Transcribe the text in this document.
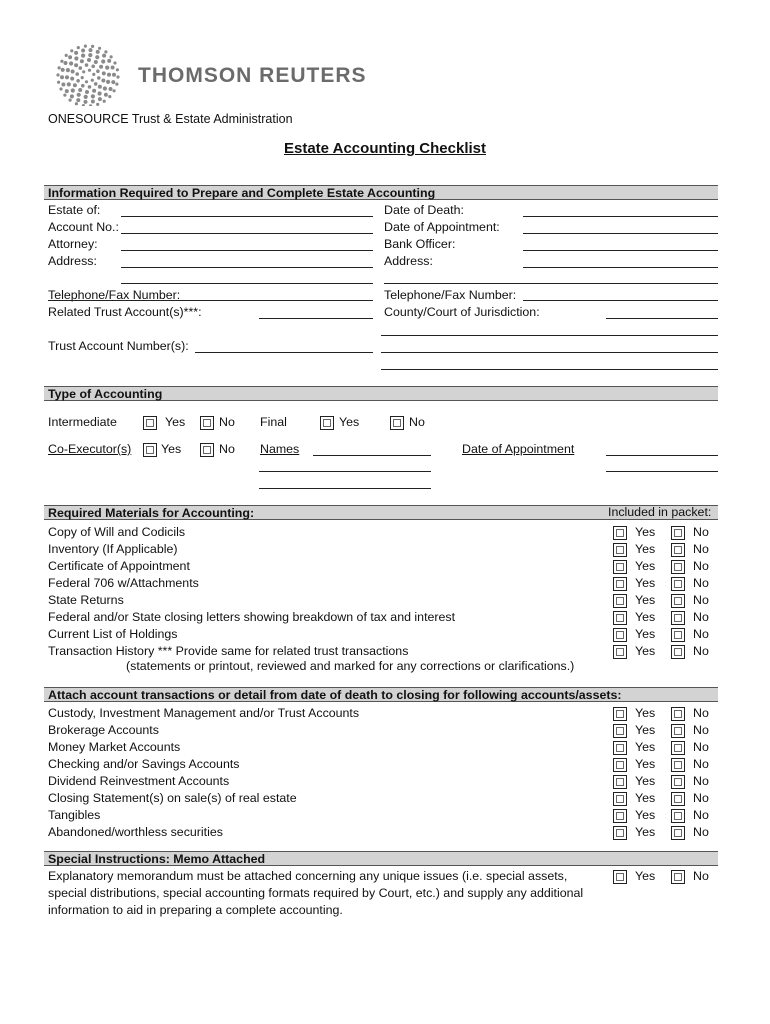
THOMSON REUTERS
ONESOURCE Trust & Estate Administration
Estate Accounting Checklist
Information Required to Prepare and Complete Estate Accounting
Estate of:
Account No.:
Attorney:
Address:
Date of Death:
Date of Appointment:
Bank Officer:
Address:
Telephone/Fax Number:
Related Trust Account(s)***:
Telephone/Fax Number:
County/Court of Jurisdiction:
Trust Account Number(s):
Type of Accounting
Intermediate	Yes	No Final	Yes	No
Co-Executor(s) Yes	No Names	Date of Appointment
Required Materials for Accounting:	Included in packet:
Copy of Will and Codicils	Yes	No
Inventory (If Applicable)	Yes	No
Certificate of Appointment	Yes	No
Federal 706 w/Attachments	Yes	No
State Returns	Yes	No
Federal and/or State closing letters showing breakdown of tax and interest	Yes	No
Current List of Holdings	Yes	No
Transaction History *** Provide same for related trust transactions	Yes	No
(statements or printout, reviewed and marked for any corrections or clarifications.)
Attach account transactions or detail from date of death to closing for following accounts/assets:
Custody, Investment Management and/or Trust Accounts	Yes	No
Brokerage Accounts	Yes	No
Money Market Accounts	Yes	No
Checking and/or Savings Accounts	Yes	No
Dividend Reinvestment Accounts	Yes	No
Closing Statement(s) on sale(s) of real estate	Yes	No
Tangibles	Yes	No
Abandoned/worthless securities	Yes	No
Special Instructions: Memo Attached
Explanatory memorandum must be attached concerning any unique issues (i.e. special assets,
special distributions, special accounting formats required by Court, etc.) and supply any additional
information to aid in preparing a complete accounting.
Yes	No
